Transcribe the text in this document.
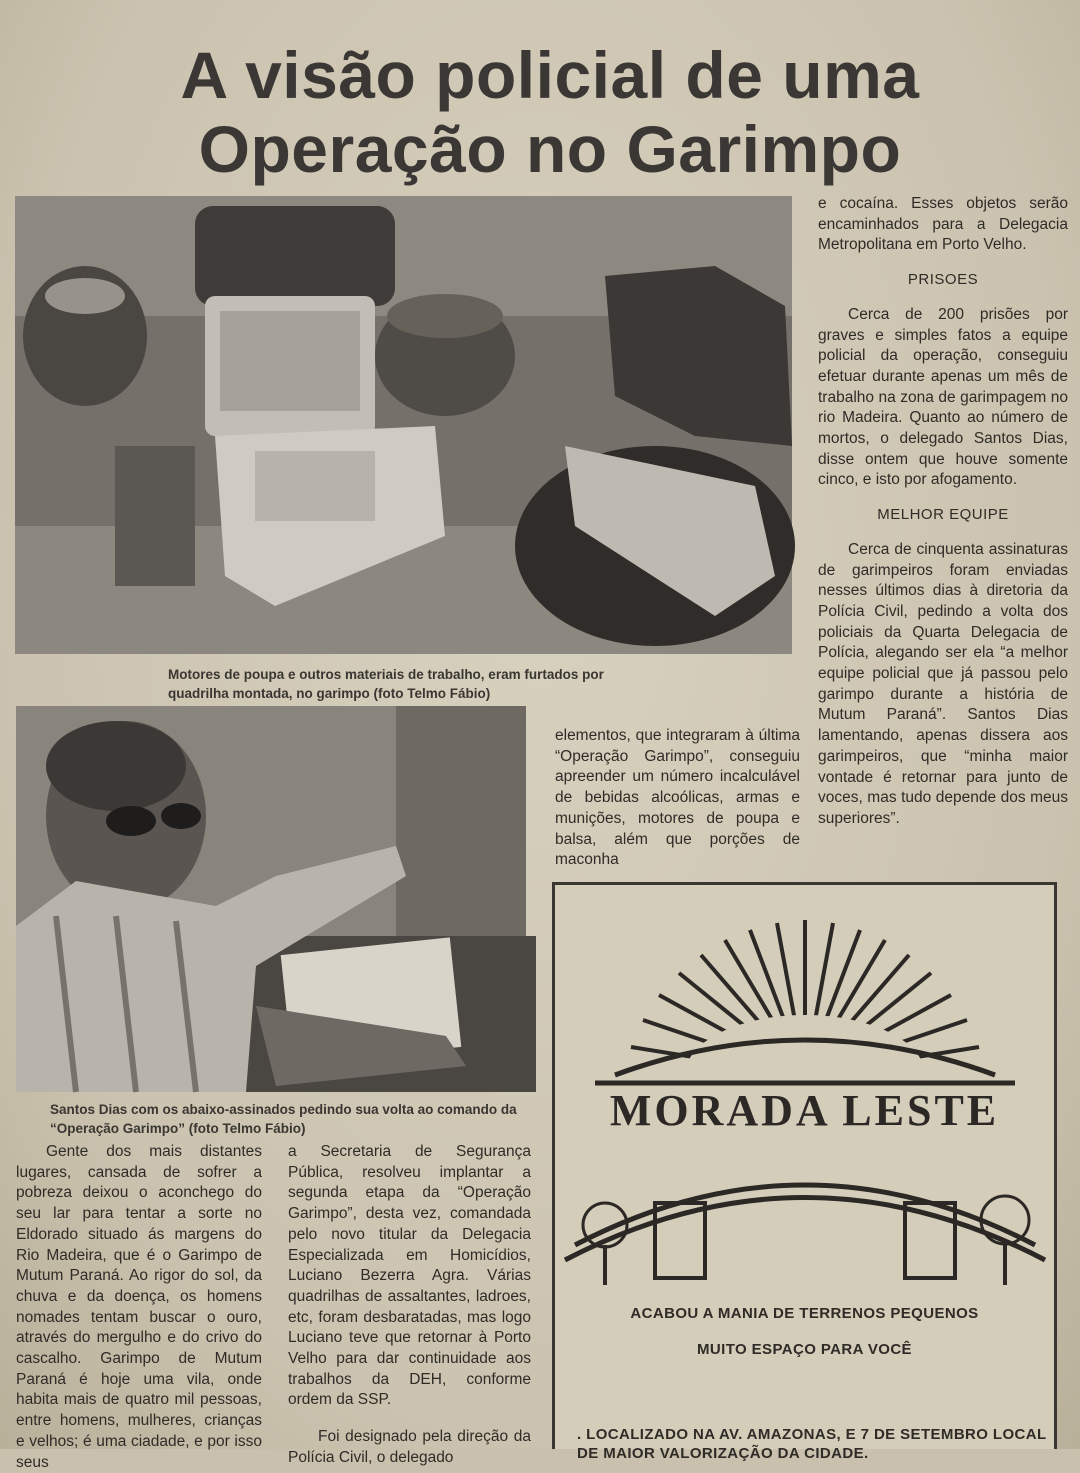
A visão policial de uma
Operação no Garimpo
Motores de poupa e outros materiais de trabalho, eram furtados por
quadrilha montada, no garimpo (foto Telmo Fábio)
Santos Dias com os abaixo-assinados pedindo sua volta ao comando da
“Operação Garimpo” (foto Telmo Fábio)

e cocaína. Esses objetos serão encaminhados para a Delegacia Metropolitana em Porto Velho.

PRISOES

Cerca de 200 prisões por graves e simples fatos a equipe policial da operação, conseguiu efetuar durante apenas um mês de trabalho na zona de garimpagem no rio Madeira. Quanto ao número de mortos, o delegado Santos Dias, disse ontem que houve somente cinco, e isto por afogamento.

MELHOR EQUIPE

Cerca de cinquenta assinaturas de garimpeiros foram enviadas nesses últimos dias à diretoria da Polícia Civil, pedindo a volta dos policiais da Quarta Delegacia de Polícia, alegando ser ela “a melhor equipe policial que já passou pelo garimpo durante a história de Mutum Paraná”. Santos Dias lamentando, apenas dissera aos garimpeiros, que “minha maior vontade é retornar para junto de voces, mas tudo depende dos meus superiores”.

elementos, que integraram à última “Operação Garimpo”, conseguiu apreender um número incalculável de bebidas alcoólicas, armas e munições, motores de poupa e balsa, além que porções de maconha

Gente dos mais distantes lugares, cansada de sofrer a pobreza deixou o aconchego do seu lar para tentar a sorte no Eldorado situado ás margens do Rio Madeira, que é o Garimpo de Mutum Paraná. Ao rigor do sol, da chuva e da doença, os homens nomades tentam buscar o ouro, através do mergulho e do crivo do cascalho. Garimpo de Mutum Paraná é hoje uma vila, onde habita mais de quatro mil pessoas, entre homens, mulheres, crianças e velhos; é uma ciadade, e por isso seus

a Secretaria de Segurança Pública, resolveu implantar a segunda etapa da “Operação Garimpo”, desta vez, comandada pelo novo titular da Delegacia Especializada em Homicídios, Luciano Bezerra Agra. Várias quadrilhas de assaltantes, ladroes, etc, foram desbaratadas, mas logo Luciano teve que retornar à Porto Velho para dar continuidade aos trabalhos da DEH, conforme ordem da SSP.

Foi designado pela direção da Polícia Civil, o delegado

MORADA LESTE
ACABOU A MANIA DE TERRENOS PEQUENOS
MUITO ESPAÇO PARA VOCÊ
. LOCALIZADO NA AV. AMAZONAS, E 7 DE SETEMBRO LOCAL DE MAIOR VALORIZAÇÃO DA CIDADE.
